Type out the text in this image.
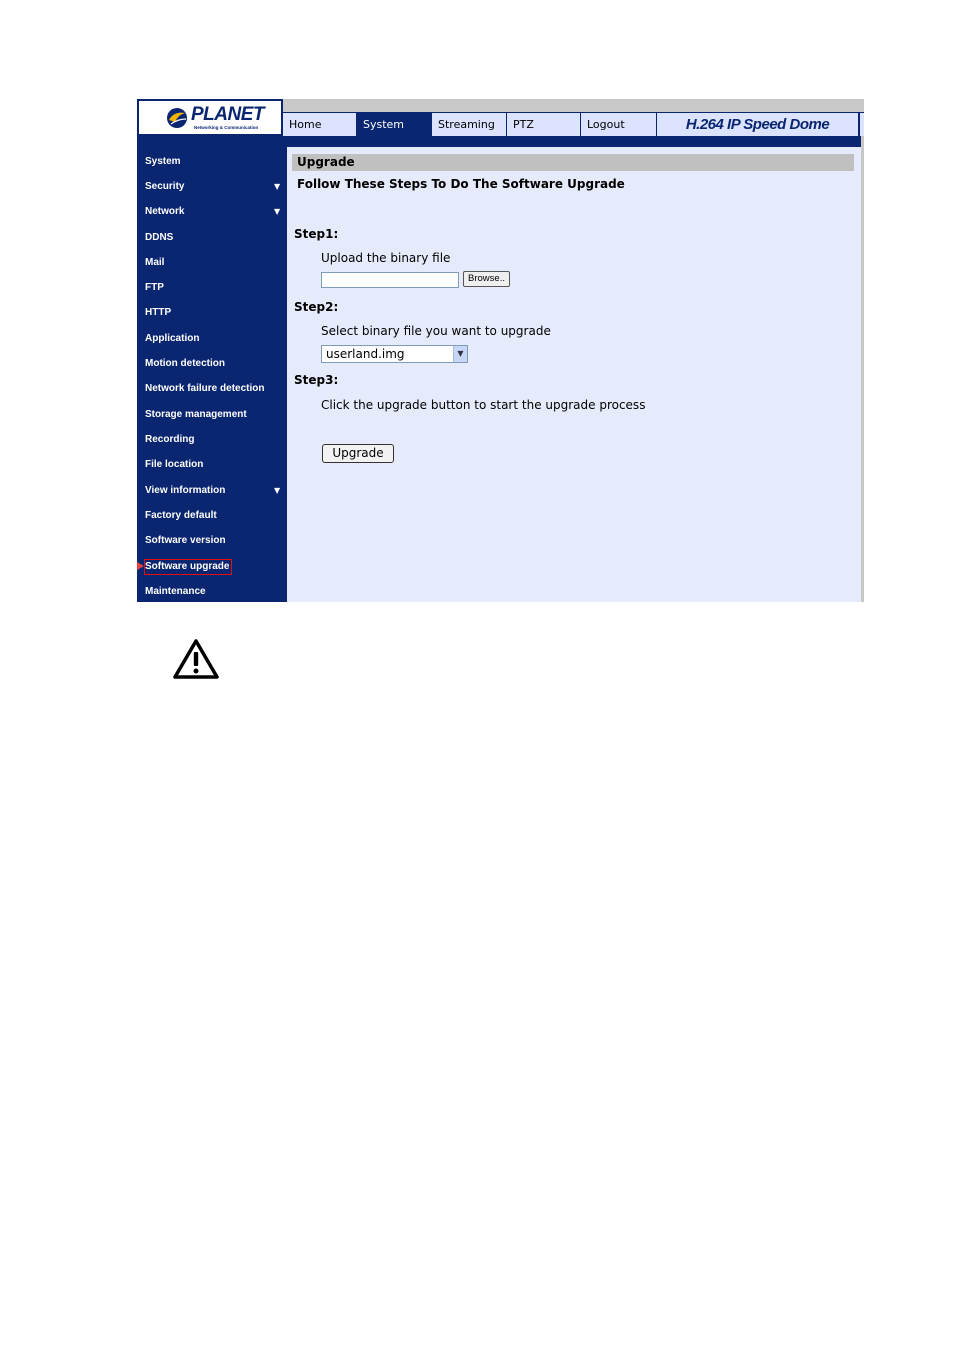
PLANET
Networking & Communication	Home	System	Streaming	PTZ	Logout	H.264 IP Speed Dome
System
Security	▼
Network	▼
DDNS
Mail
FTP
HTTP
Application
Motion detection
Network failure detection
Storage management
Recording
File location
View information	▼
Factory default
Software version
Software upgrade
Maintenance
Upgrade
Follow These Steps To Do The Software Upgrade
Step1:
Upload the binary file
Browse..
Step2:
Select binary file you want to upgrade
userland.img	▼
Step3:
Click the upgrade button to start the upgrade process
Upgrade
